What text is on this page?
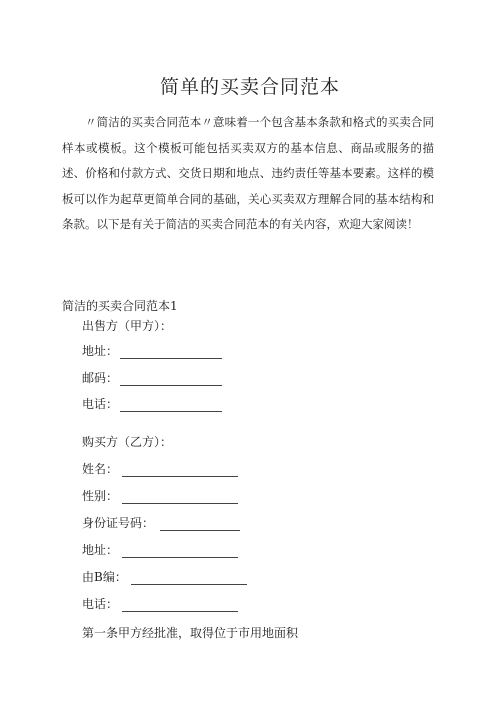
简单的买卖合同范本

〃简洁的买卖合同范本〃意味着一个包含基本条款和格式的买卖合同样本或模板。这个模板可能包括买卖双方的基本信息、商品或服务的描述、价格和付款方式、交货日期和地点、违约责任等基本要素。这样的模板可以作为起草更简单合同的基础，关心买卖双方理解合同的基本结构和条款。以下是有关于简洁的买卖合同范本的有关内容，欢迎大家阅读！

简洁的买卖合同范本1
出售方（甲方）：
地址：
邮码：
电话：
购买方（乙方）：
姓名：
性别：
身份证号码：
地址：
由B编：
电话：
第一条甲方经批准，取得位于市用地面积
